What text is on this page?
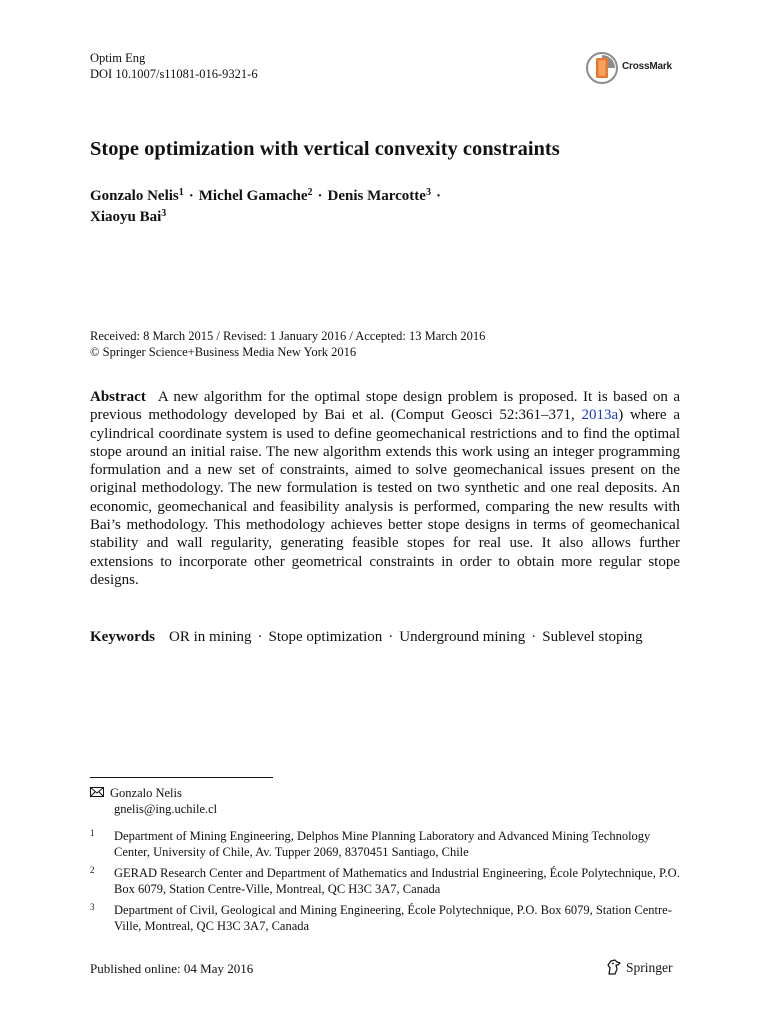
Optim Eng
DOI 10.1007/s11081-016-9321-6
CrossMark
Stope optimization with vertical convexity constraints
Gonzalo Nelis$^1$ · Michel Gamache$^2$ · Denis Marcotte$^3$ ·
Xiaoyu Bai$^3$
Received: 8 March 2015 / Revised: 1 January 2016 / Accepted: 13 March 2016
© Springer Science+Business Media New York 2016
Abstract A new algorithm for the optimal stope design problem is proposed. It is based on a previous methodology developed by Bai et al. (Comput Geosci 52:361–371, 2013a) where a cylindrical coordinate system is used to define geomechanical restrictions and to find the optimal stope around an initial raise. The new algorithm extends this work using an integer programming formulation and a new set of constraints, aimed to solve geomechanical issues present on the original methodology. The new formulation is tested on two synthetic and one real deposits. An economic, geomechanical and feasibility analysis is performed, comparing the new results with Bai’s methodology. This methodology achieves better stope designs in terms of geomechanical stability and wall regularity, generating feasible stopes for real use. It also allows further extensions to incorporate other geometrical constraints in order to obtain more regular stope designs.
Keywords OR in mining · Stope optimization · Underground mining · Sublevel stoping
Gonzalo Nelis
gnelis@ing.uchile.cl
1 Department of Mining Engineering, Delphos Mine Planning Laboratory and Advanced Mining Technology Center, University of Chile, Av. Tupper 2069, 8370451 Santiago, Chile
2 GERAD Research Center and Department of Mathematics and Industrial Engineering, École Polytechnique, P.O. Box 6079, Station Centre-Ville, Montreal, QC H3C 3A7, Canada
3 Department of Civil, Geological and Mining Engineering, École Polytechnique, P.O. Box 6079, Station Centre-Ville, Montreal, QC H3C 3A7, Canada
Published online: 04 May 2016	Springer
